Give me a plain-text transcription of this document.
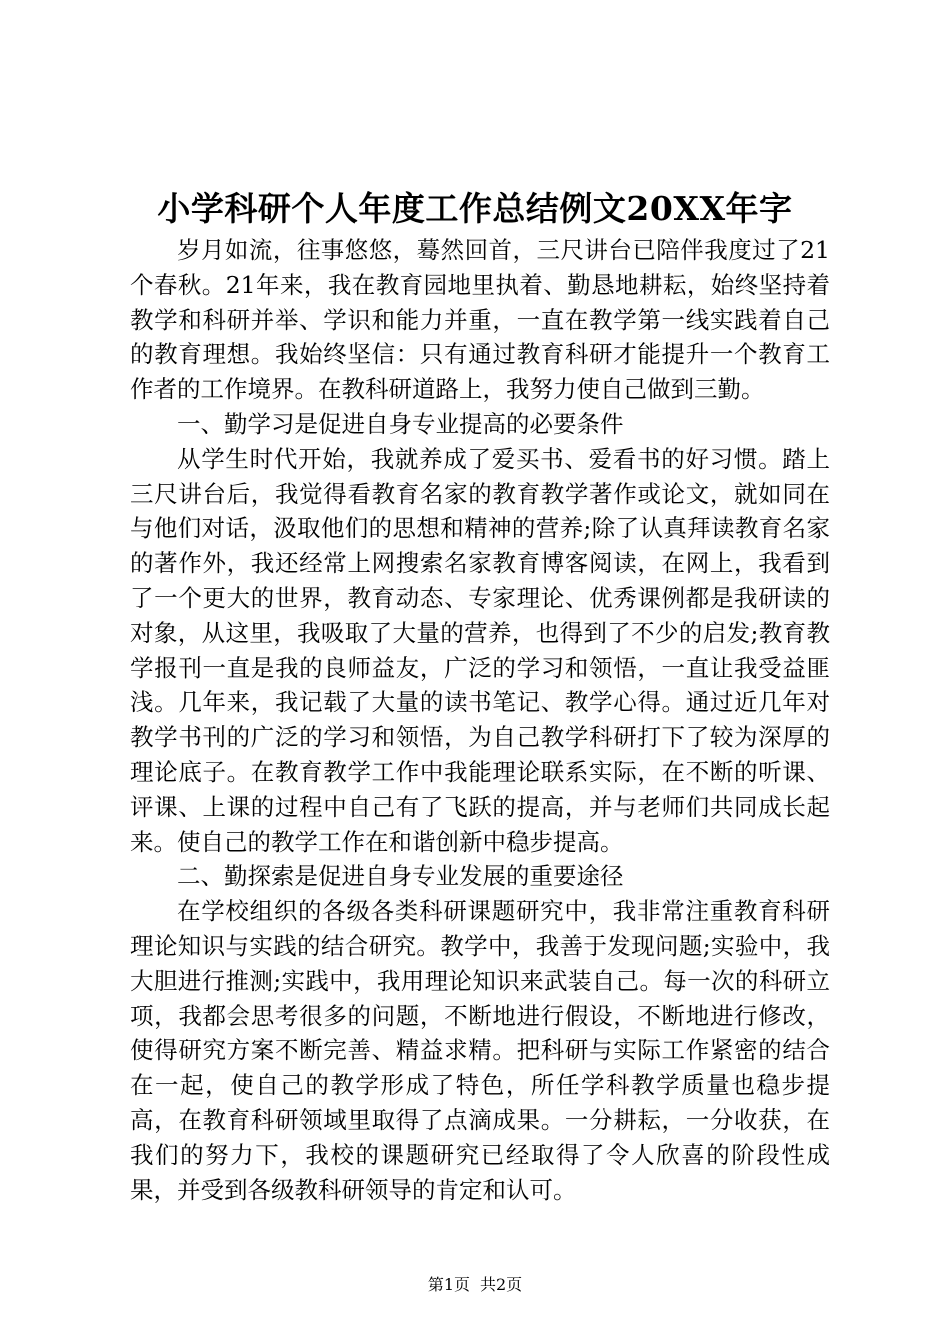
小学科研个人年度工作总结例文20XX年字

岁月如流，往事悠悠，蓦然回首，三尺讲台已陪伴我度过了21个春秋。21年来，我在教育园地里执着、勤恳地耕耘，始终坚持着教学和科研并举、学识和能力并重，一直在教学第一线实践着自己的教育理想。我始终坚信：只有通过教育科研才能提升一个教育工作者的工作境界。在教科研道路上，我努力使自己做到三勤。

一、勤学习是促进自身专业提高的必要条件

从学生时代开始，我就养成了爱买书、爱看书的好习惯。踏上三尺讲台后，我觉得看教育名家的教育教学著作或论文，就如同在与他们对话，汲取他们的思想和精神的营养;除了认真拜读教育名家的著作外，我还经常上网搜索名家教育博客阅读，在网上，我看到了一个更大的世界，教育动态、专家理论、优秀课例都是我研读的对象，从这里，我吸取了大量的营养，也得到了不少的启发;教育教学报刊一直是我的良师益友，广泛的学习和领悟，一直让我受益匪浅。几年来，我记载了大量的读书笔记、教学心得。通过近几年对教学书刊的广泛的学习和领悟，为自己教学科研打下了较为深厚的理论底子。在教育教学工作中我能理论联系实际，在不断的听课、评课、上课的过程中自己有了飞跃的提高，并与老师们共同成长起来。使自己的教学工作在和谐创新中稳步提高。

二、勤探索是促进自身专业发展的重要途径

在学校组织的各级各类科研课题研究中，我非常注重教育科研理论知识与实践的结合研究。教学中，我善于发现问题;实验中，我大胆进行推测;实践中，我用理论知识来武装自己。每一次的科研立项，我都会思考很多的问题，不断地进行假设，不断地进行修改，使得研究方案不断完善、精益求精。把科研与实际工作紧密的结合在一起，使自己的教学形成了特色，所任学科教学质量也稳步提高，在教育科研领域里取得了点滴成果。一分耕耘，一分收获，在我们的努力下，我校的课题研究已经取得了令人欣喜的阶段性成果，并受到各级教科研领导的肯定和认可。

第1页 共2页
